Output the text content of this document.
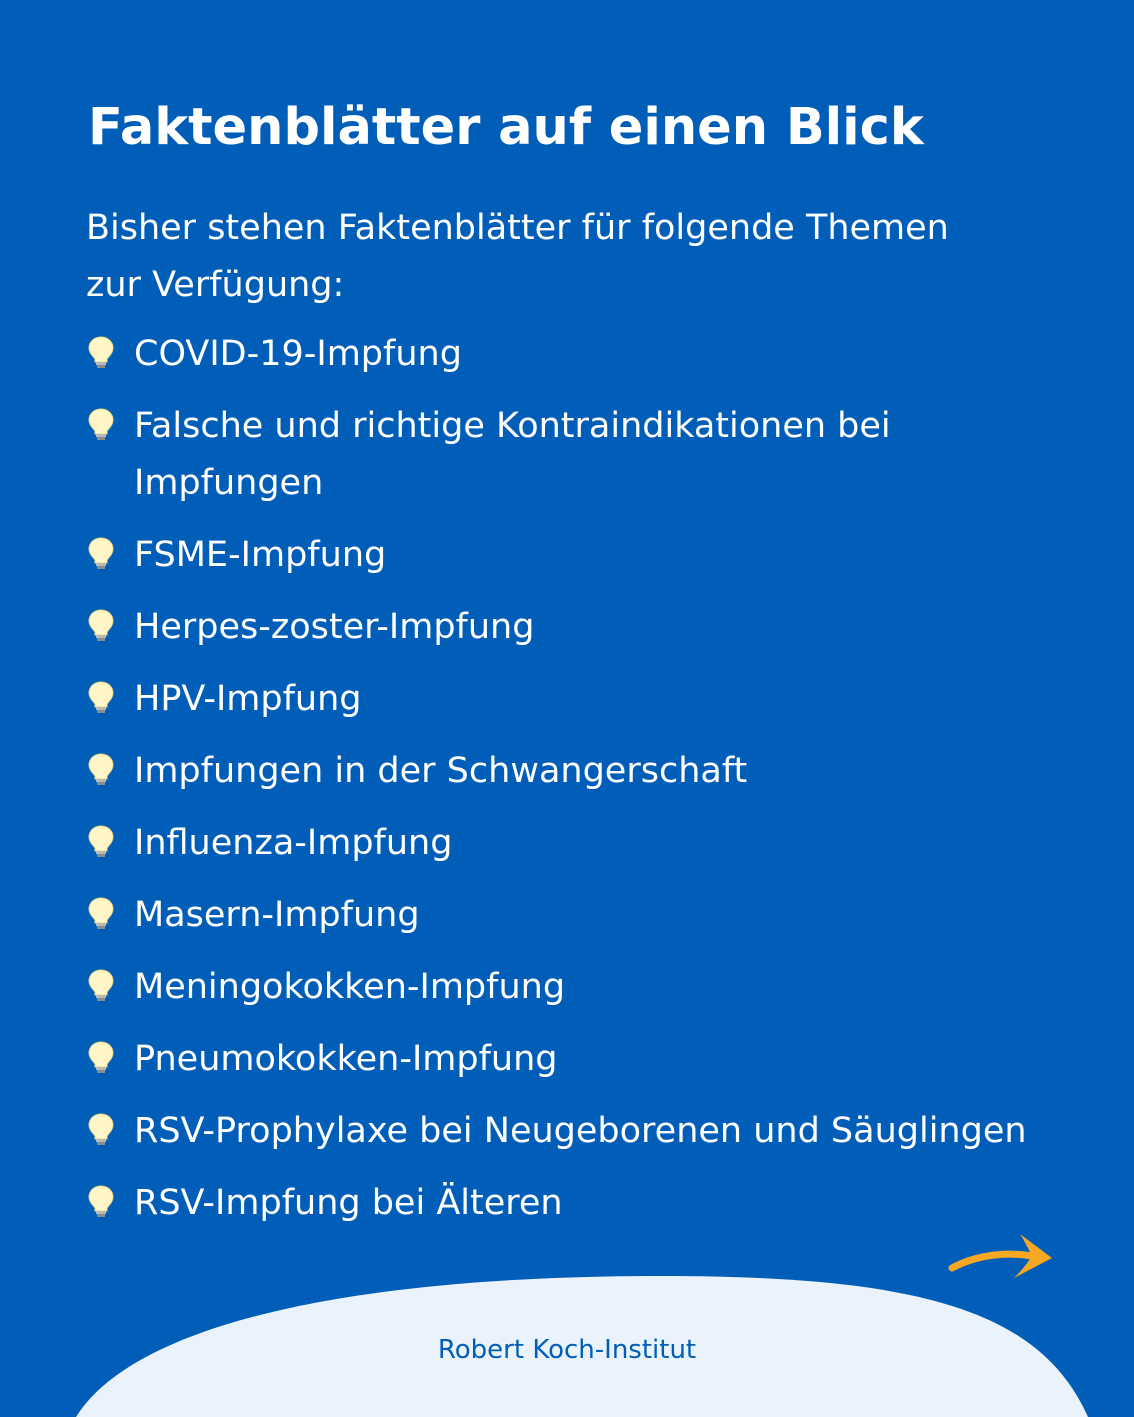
Faktenblätter auf einen Blick

Bisher stehen Faktenblätter für folgende Themen zur Verfügung:

COVID-19-Impfung
Falsche und richtige Kontraindikationen bei Impfungen
FSME-Impfung
Herpes-zoster-Impfung
HPV-Impfung
Impfungen in der Schwangerschaft
Influenza-Impfung
Masern-Impfung
Meningokokken-Impfung
Pneumokokken-Impfung
RSV-Prophylaxe bei Neugeborenen und Säuglingen
RSV-Impfung bei Älteren

Robert Koch-Institut
